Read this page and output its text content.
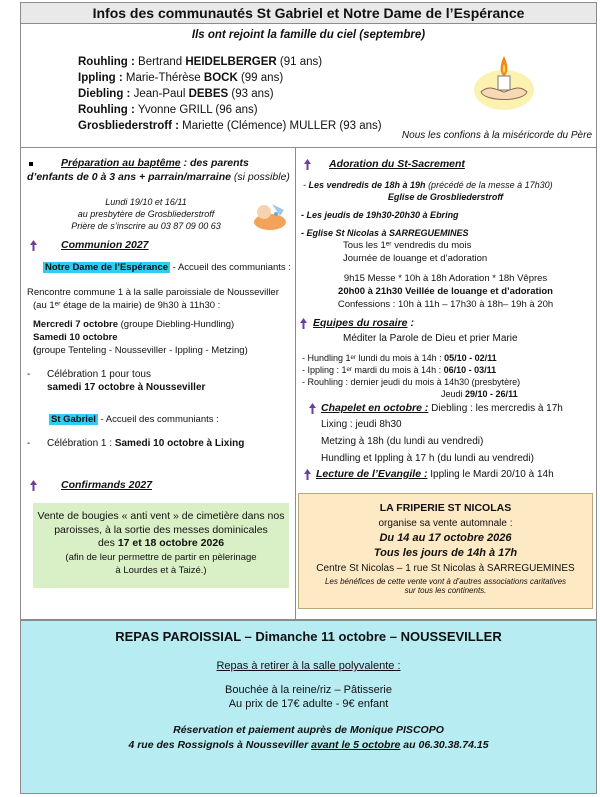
Infos des communautés St Gabriel et Notre Dame de l’Espérance
Ils ont rejoint la famille du ciel (septembre)
Rouhling : Bertrand HEIDELBERGER (91 ans)
Ippling : Marie-Thérèse BOCK (99 ans)
Diebling : Jean-Paul DEBES (93 ans)
Rouhling : Yvonne GRILL (96 ans)
Grosbliederstroff : Mariette (Clémence) MULLER (93 ans)
Nous les confions à la miséricorde du Père
Préparation au baptême : des parents
d’enfants de 0 à 3 ans + parrain/marraine (si possible)
Lundi 19/10 et 16/11
au presbytère de Grosbliederstroff
Prière de s’inscrire au 03 87 09 00 63
Communion 2027
Notre Dame de l’Espérance - Accueil des communiants :
Rencontre commune 1 à la salle paroissiale de Nousseviller
(au 1ᵉʳ étage de la mairie) de 9h30 à 11h30 :
Mercredi 7 octobre (groupe Diebling-Hundling)
Samedi 10 octobre
(groupe Tenteling - Nousseviller - Ippling - Metzing)
- Célébration 1 pour tous
samedi 17 octobre à Nousseviller
St Gabriel - Accueil des communiants :
- Célébration 1 : Samedi 10 octobre à Lixing
Confirmands 2027
Vente de bougies « anti vent » de cimetière dans nos
paroisses, à la sortie des messes dominicales
des 17 et 18 octobre 2026
(afin de leur permettre de partir en pèlerinage
à Lourdes et à Taizé.)
Adoration du St-Sacrement
- Les vendredis de 18h à 19h (précédé de la messe à 17h30)
Eglise de Grosbliederstroff
- Les jeudis de 19h30-20h30 à Ebring
- Eglise St Nicolas à SARREGUEMINES
Tous les 1ᵉʳ vendredis du mois
Journée de louange et d’adoration
9h15 Messe * 10h à 18h Adoration * 18h Vêpres
20h00 à 21h30 Veillée de louange et d’adoration
Confessions : 10h à 11h – 17h30 à 18h– 19h à 20h
Equipes du rosaire :
Méditer la Parole de Dieu et prier Marie
- Hundling 1ᵉʳ lundi du mois à 14h : 05/10 - 02/11
- Ippling : 1ᵉʳ mardi du mois à 14h : 06/10 - 03/11
- Rouhling : dernier jeudi du mois à 14h30 (presbytère)
Jeudi 29/10 - 26/11
Chapelet en octobre : Diebling : les mercredis à 17h
Lixing : jeudi 8h30
Metzing à 18h (du lundi au vendredi)
Hundling et Ippling à 17 h (du lundi au vendredi)
Lecture de l’Evangile : Ippling le Mardi 20/10 à 14h
LA FRIPERIE ST NICOLAS
organise sa vente automnale :
Du 14 au 17 octobre 2026
Tous les jours de 14h à 17h
Centre St Nicolas – 1 rue St Nicolas à SARREGUEMINES
Les bénéfices de cette vente vont à d’autres associations caritatives
sur tous les continents.
REPAS PAROISSIAL – Dimanche 11 octobre – NOUSSEVILLER
Repas à retirer à la salle polyvalente :
Bouchée à la reine/riz – Pâtisserie
Au prix de 17€ adulte - 9€ enfant
Réservation et paiement auprès de Monique PISCOPO
4 rue des Rossignols à Nousseviller avant le 5 octobre au 06.30.38.74.15
